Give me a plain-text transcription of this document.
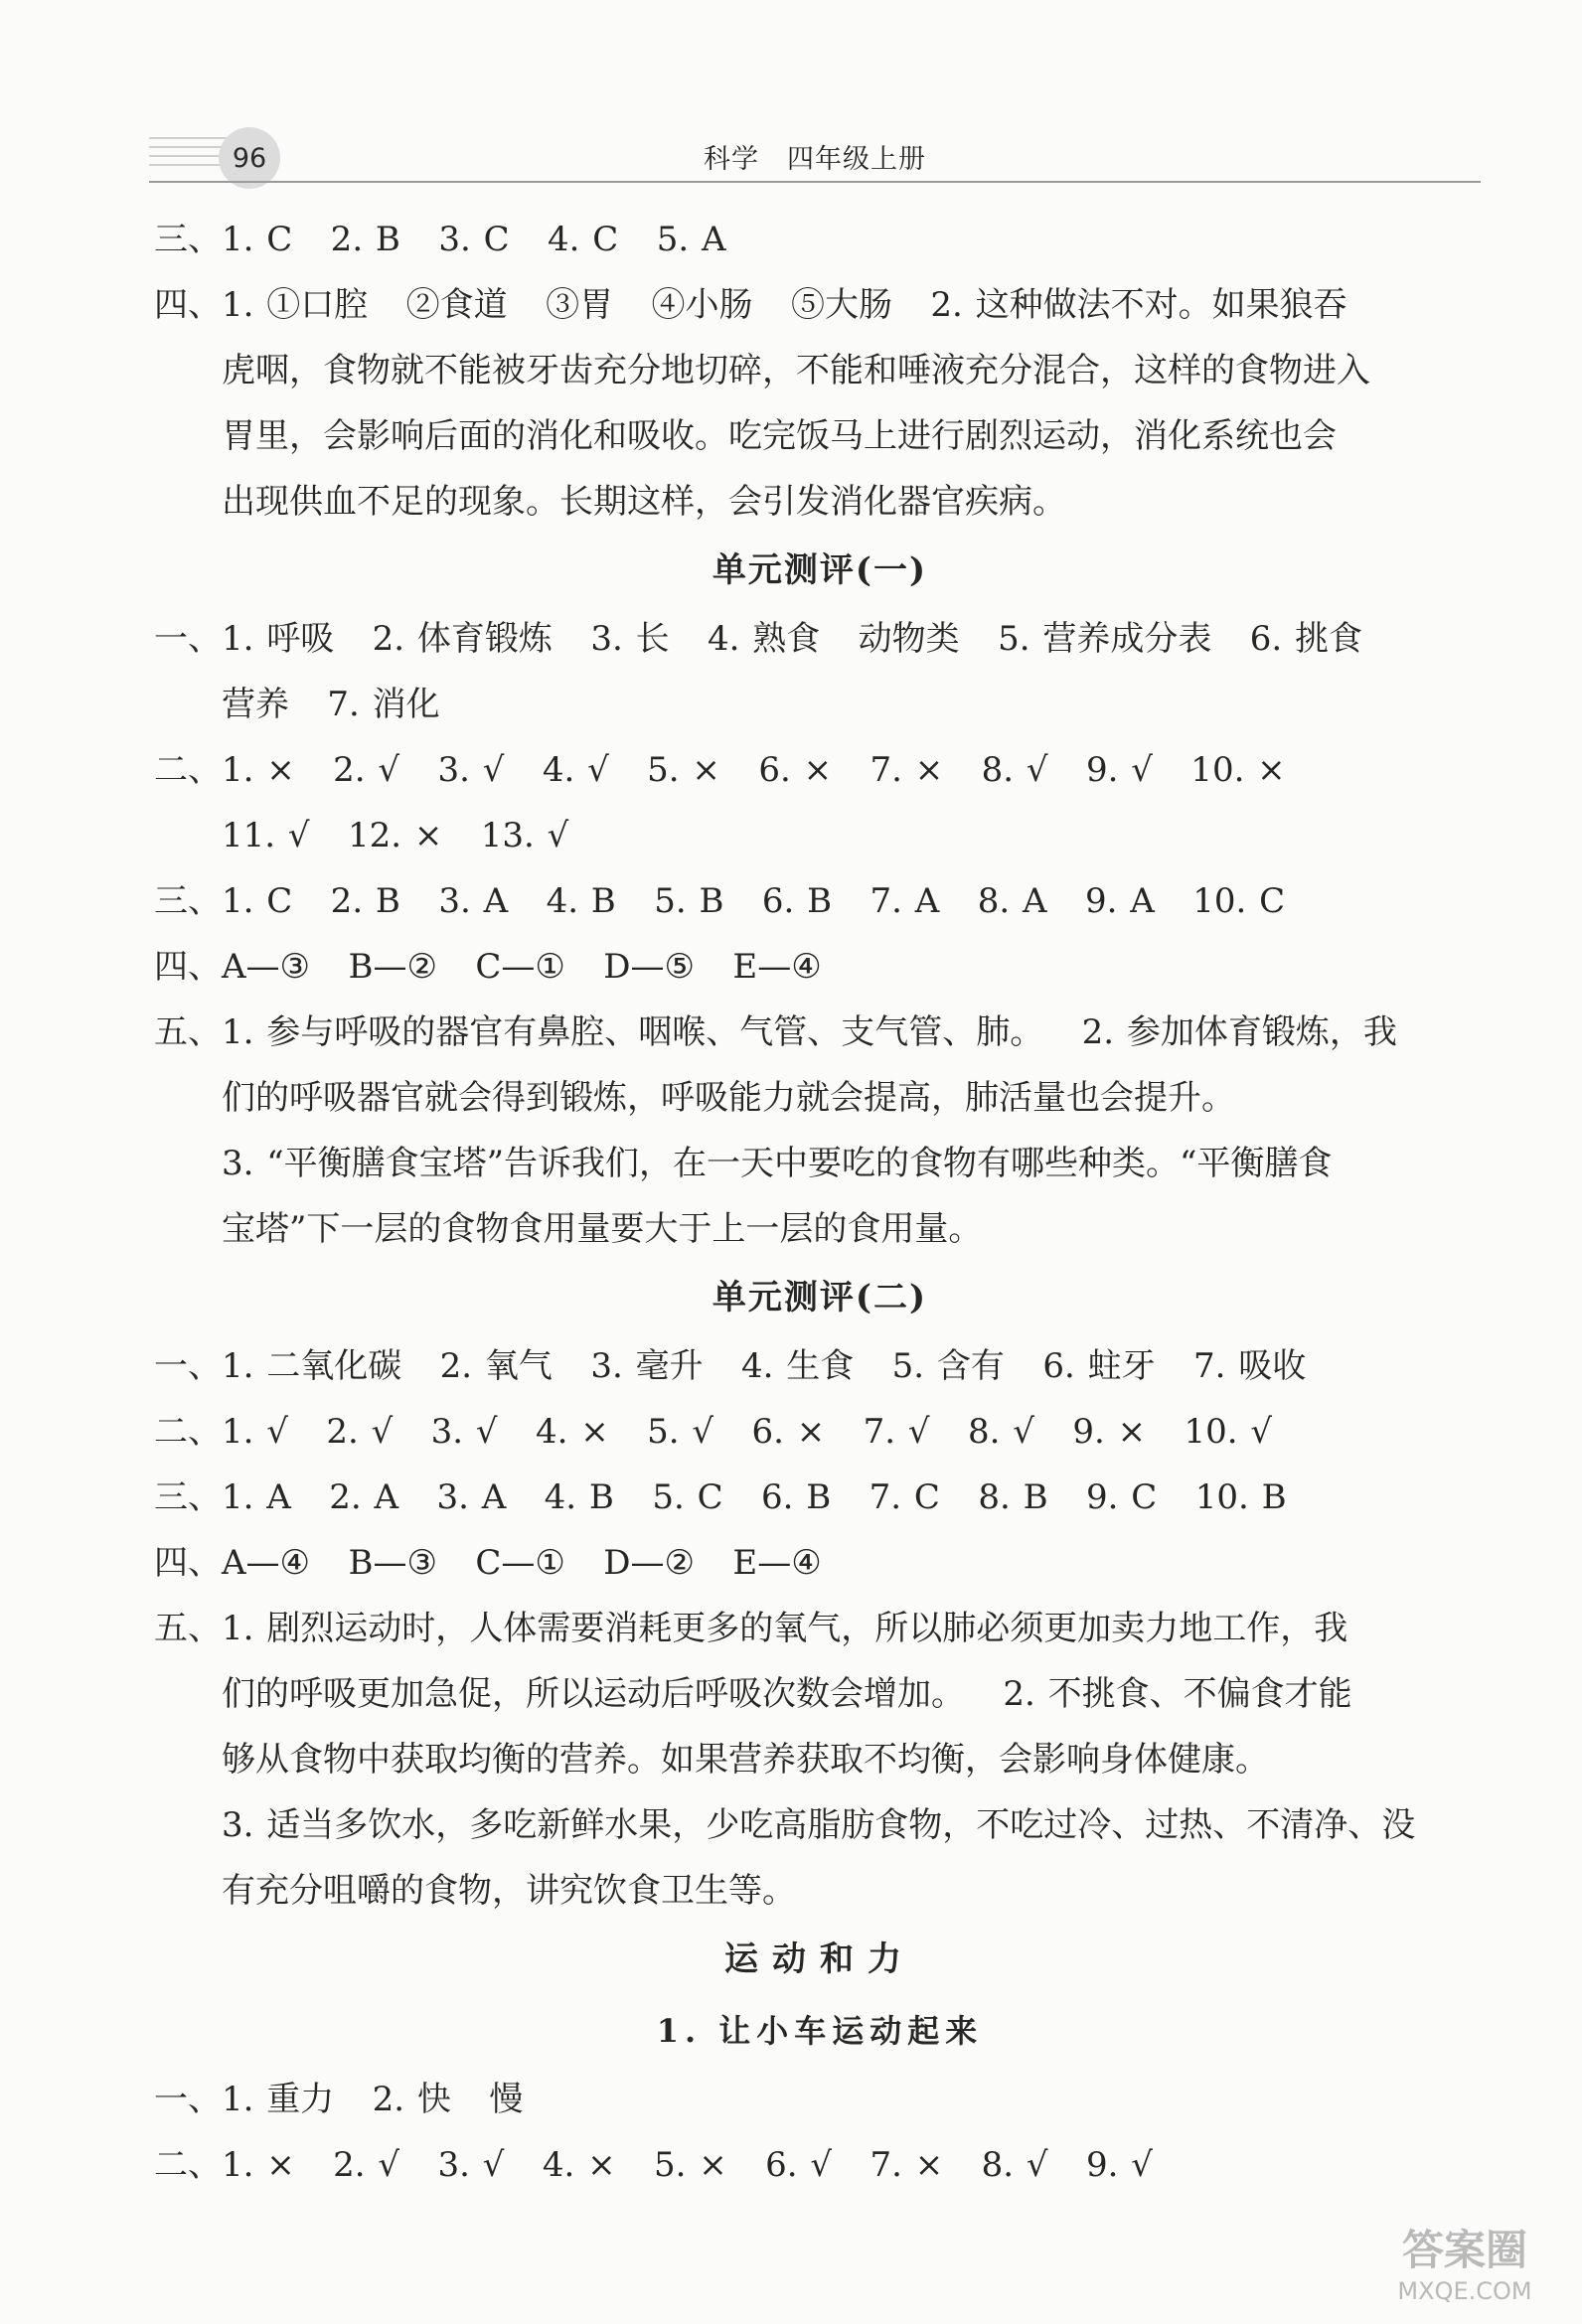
96	科学　四年级上册
三、 1. C   2. B   3. C   4. C   5. A
四、 1. ①口腔   ②食道   ③胃   ④小肠   ⑤大肠   2. 这种做法不对。如果狼吞
虎咽，食物就不能被牙齿充分地切碎，不能和唾液充分混合，这样的食物进入
胃里，会影响后面的消化和吸收。吃完饭马上进行剧烈运动，消化系统也会
出现供血不足的现象。长期这样，会引发消化器官疾病。
单元测评(一)
一、 1. 呼吸   2. 体育锻炼   3. 长   4. 熟食   动物类   5. 营养成分表   6. 挑食
营养   7. 消化
二、 1. ×   2. √   3. √   4. √   5. ×   6. ×   7. ×   8. √   9. √   10. ×
11. √   12. ×   13. √
三、 1. C   2. B   3. A   4. B   5. B   6. B   7. A   8. A   9. A   10. C
四、 A—③   B—②   C—①   D—⑤   E—④
五、 1. 参与呼吸的器官有鼻腔、咽喉、气管、支气管、肺。   2. 参加体育锻炼，我
们的呼吸器官就会得到锻炼，呼吸能力就会提高，肺活量也会提升。
3. “平衡膳食宝塔”告诉我们，在一天中要吃的食物有哪些种类。“平衡膳食
宝塔”下一层的食物食用量要大于上一层的食用量。
单元测评(二)
一、 1. 二氧化碳   2. 氧气   3. 毫升   4. 生食   5. 含有   6. 蛀牙   7. 吸收
二、 1. √   2. √   3. √   4. ×   5. √   6. ×   7. √   8. √   9. ×   10. √
三、 1. A   2. A   3. A   4. B   5. C   6. B   7. C   8. B   9. C   10. B
四、 A—④   B—③   C—①   D—②   E—④
五、 1. 剧烈运动时，人体需要消耗更多的氧气，所以肺必须更加卖力地工作，我
们的呼吸更加急促，所以运动后呼吸次数会增加。   2. 不挑食、不偏食才能
够从食物中获取均衡的营养。如果营养获取不均衡，会影响身体健康。
3. 适当多饮水，多吃新鲜水果，少吃高脂肪食物，不吃过冷、过热、不清净、没
有充分咀嚼的食物，讲究饮食卫生等。
运动和力
1. 让小车运动起来
一、 1. 重力   2. 快   慢
二、 1. ×   2. √   3. √   4. ×   5. ×   6. √   7. ×   8. √   9. √
答案圈
MXQE.COM
